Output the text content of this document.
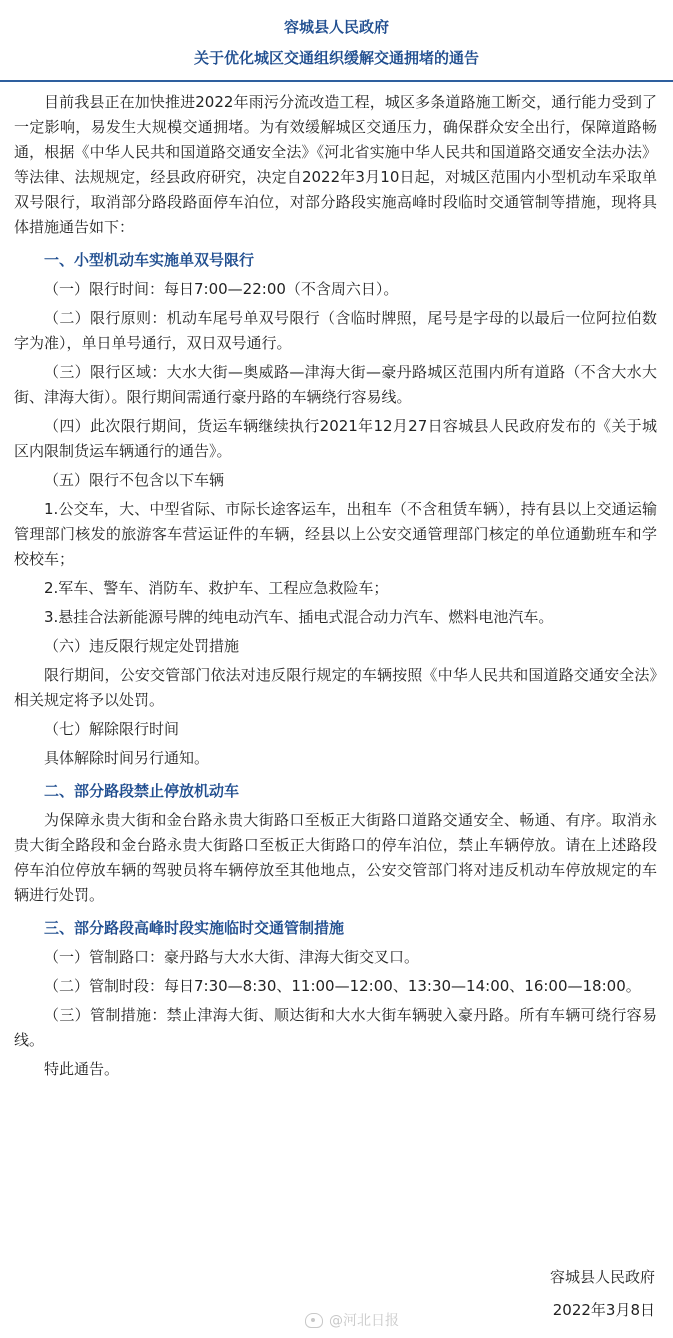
容城县人民政府
关于优化城区交通组织缓解交通拥堵的通告

目前我县正在加快推进2022年雨污分流改造工程，城区多条道路施工断交，通行能力受到了一定影响，易发生大规模交通拥堵。为有效缓解城区交通压力，确保群众安全出行，保障道路畅通，根据《中华人民共和国道路交通安全法》《河北省实施中华人民共和国道路交通安全法办法》等法律、法规规定，经县政府研究，决定自2022年3月10日起，对城区范围内小型机动车采取单双号限行，取消部分路段路面停车泊位，对部分路段实施高峰时段临时交通管制等措施，现将具体措施通告如下：

一、小型机动车实施单双号限行

（一）限行时间：每日7:00—22:00（不含周六日）。

（二）限行原则：机动车尾号单双号限行（含临时牌照，尾号是字母的以最后一位阿拉伯数字为准），单日单号通行，双日双号通行。

（三）限行区域：大水大街—奥威路—津海大街—豪丹路城区范围内所有道路（不含大水大街、津海大街）。限行期间需通行豪丹路的车辆绕行容易线。

（四）此次限行期间，货运车辆继续执行2021年12月27日容城县人民政府发布的《关于城区内限制货运车辆通行的通告》。

（五）限行不包含以下车辆

1.公交车，大、中型省际、市际长途客运车，出租车（不含租赁车辆），持有县以上交通运输管理部门核发的旅游客车营运证件的车辆，经县以上公安交通管理部门核定的单位通勤班车和学校校车；

2.军车、警车、消防车、救护车、工程应急救险车；

3.悬挂合法新能源号牌的纯电动汽车、插电式混合动力汽车、燃料电池汽车。

（六）违反限行规定处罚措施

限行期间，公安交管部门依法对违反限行规定的车辆按照《中华人民共和国道路交通安全法》相关规定将予以处罚。

（七）解除限行时间

具体解除时间另行通知。

二、部分路段禁止停放机动车

为保障永贵大街和金台路永贵大街路口至板正大街路口道路交通安全、畅通、有序。取消永贵大街全路段和金台路永贵大街路口至板正大街路口的停车泊位，禁止车辆停放。请在上述路段停车泊位停放车辆的驾驶员将车辆停放至其他地点，公安交管部门将对违反机动车停放规定的车辆进行处罚。

三、部分路段高峰时段实施临时交通管制措施

（一）管制路口：豪丹路与大水大街、津海大街交叉口。

（二）管制时段：每日7:30—8:30、11:00—12:00、13:30—14:00、16:00—18:00。

（三）管制措施：禁止津海大街、顺达街和大水大街车辆驶入豪丹路。所有车辆可绕行容易线。

特此通告。

容城县人民政府
@河北日报
2022年3月8日
